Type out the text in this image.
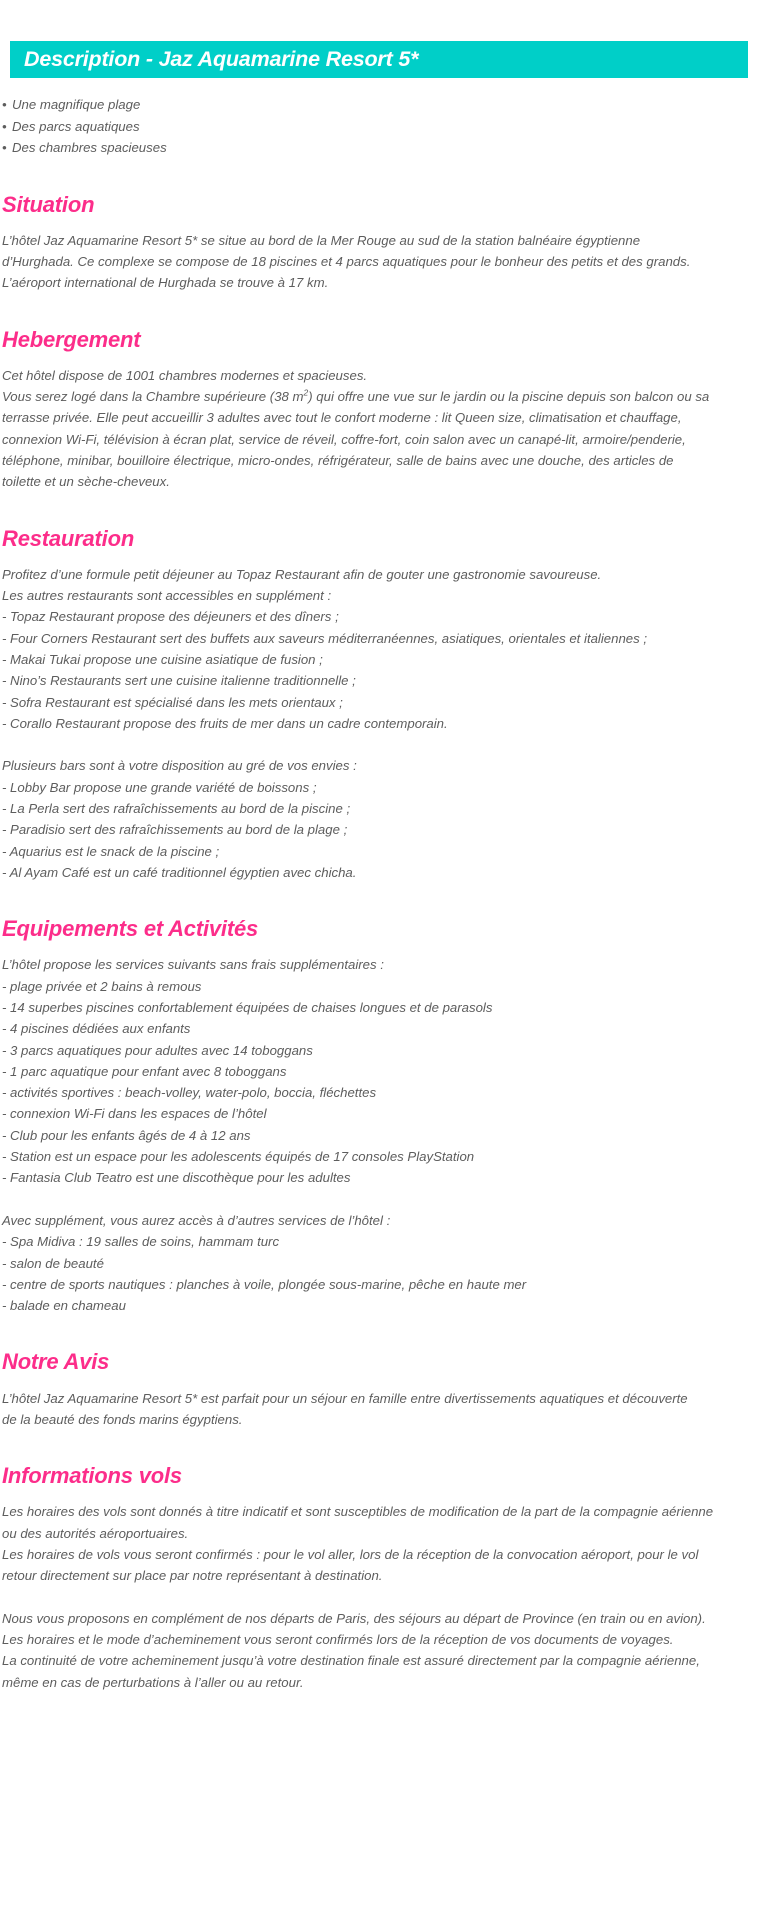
Description - Jaz Aquamarine Resort 5*
• Une magnifique plage
• Des parcs aquatiques
• Des chambres spacieuses
Situation
L’hôtel Jaz Aquamarine Resort 5* se situe au bord de la Mer Rouge au sud de la station balnéaire égyptienne
d’Hurghada. Ce complexe se compose de 18 piscines et 4 parcs aquatiques pour le bonheur des petits et des grands.
L’aéroport international de Hurghada se trouve à 17 km.
Hebergement
Cet hôtel dispose de 1001 chambres modernes et spacieuses.
Vous serez logé dans la Chambre supérieure (38 $m^2$) qui offre une vue sur le jardin ou la piscine depuis son balcon ou sa
terrasse privée. Elle peut accueillir 3 adultes avec tout le confort moderne : lit Queen size, climatisation et chauffage,
connexion Wi-Fi, télévision à écran plat, service de réveil, coffre-fort, coin salon avec un canapé-lit, armoire/penderie,
téléphone, minibar, bouilloire électrique, micro-ondes, réfrigérateur, salle de bains avec une douche, des articles de
toilette et un sèche-cheveux.
Restauration
Profitez d’une formule petit déjeuner au Topaz Restaurant afin de gouter une gastronomie savoureuse.
Les autres restaurants sont accessibles en supplément :
- Topaz Restaurant propose des déjeuners et des dîners ;
- Four Corners Restaurant sert des buffets aux saveurs méditerranéennes, asiatiques, orientales et italiennes ;
- Makai Tukai propose une cuisine asiatique de fusion ;
- Nino’s Restaurants sert une cuisine italienne traditionnelle ;
- Sofra Restaurant est spécialisé dans les mets orientaux ;
- Corallo Restaurant propose des fruits de mer dans un cadre contemporain.
Plusieurs bars sont à votre disposition au gré de vos envies :
- Lobby Bar propose une grande variété de boissons ;
- La Perla sert des rafraîchissements au bord de la piscine ;
- Paradisio sert des rafraîchissements au bord de la plage ;
- Aquarius est le snack de la piscine ;
- Al Ayam Café est un café traditionnel égyptien avec chicha.
Equipements et Activités
L’hôtel propose les services suivants sans frais supplémentaires :
- plage privée et 2 bains à remous
- 14 superbes piscines confortablement équipées de chaises longues et de parasols
- 4 piscines dédiées aux enfants
- 3 parcs aquatiques pour adultes avec 14 toboggans
- 1 parc aquatique pour enfant avec 8 toboggans
- activités sportives : beach-volley, water-polo, boccia, fléchettes
- connexion Wi-Fi dans les espaces de l’hôtel
- Club pour les enfants âgés de 4 à 12 ans
- Station est un espace pour les adolescents équipés de 17 consoles PlayStation
- Fantasia Club Teatro est une discothèque pour les adultes
Avec supplément, vous aurez accès à d’autres services de l’hôtel :
- Spa Midiva : 19 salles de soins, hammam turc
- salon de beauté
- centre de sports nautiques : planches à voile, plongée sous-marine, pêche en haute mer
- balade en chameau
Notre Avis
L’hôtel Jaz Aquamarine Resort 5* est parfait pour un séjour en famille entre divertissements aquatiques et découverte
de la beauté des fonds marins égyptiens.
Informations vols
Les horaires des vols sont donnés à titre indicatif et sont susceptibles de modification de la part de la compagnie aérienne
ou des autorités aéroportuaires.
Les horaires de vols vous seront confirmés : pour le vol aller, lors de la réception de la convocation aéroport, pour le vol
retour directement sur place par notre représentant à destination.
Nous vous proposons en complément de nos départs de Paris, des séjours au départ de Province (en train ou en avion).
Les horaires et le mode d’acheminement vous seront confirmés lors de la réception de vos documents de voyages.
La continuité de votre acheminement jusqu’à votre destination finale est assuré directement par la compagnie aérienne,
même en cas de perturbations à l’aller ou au retour.
